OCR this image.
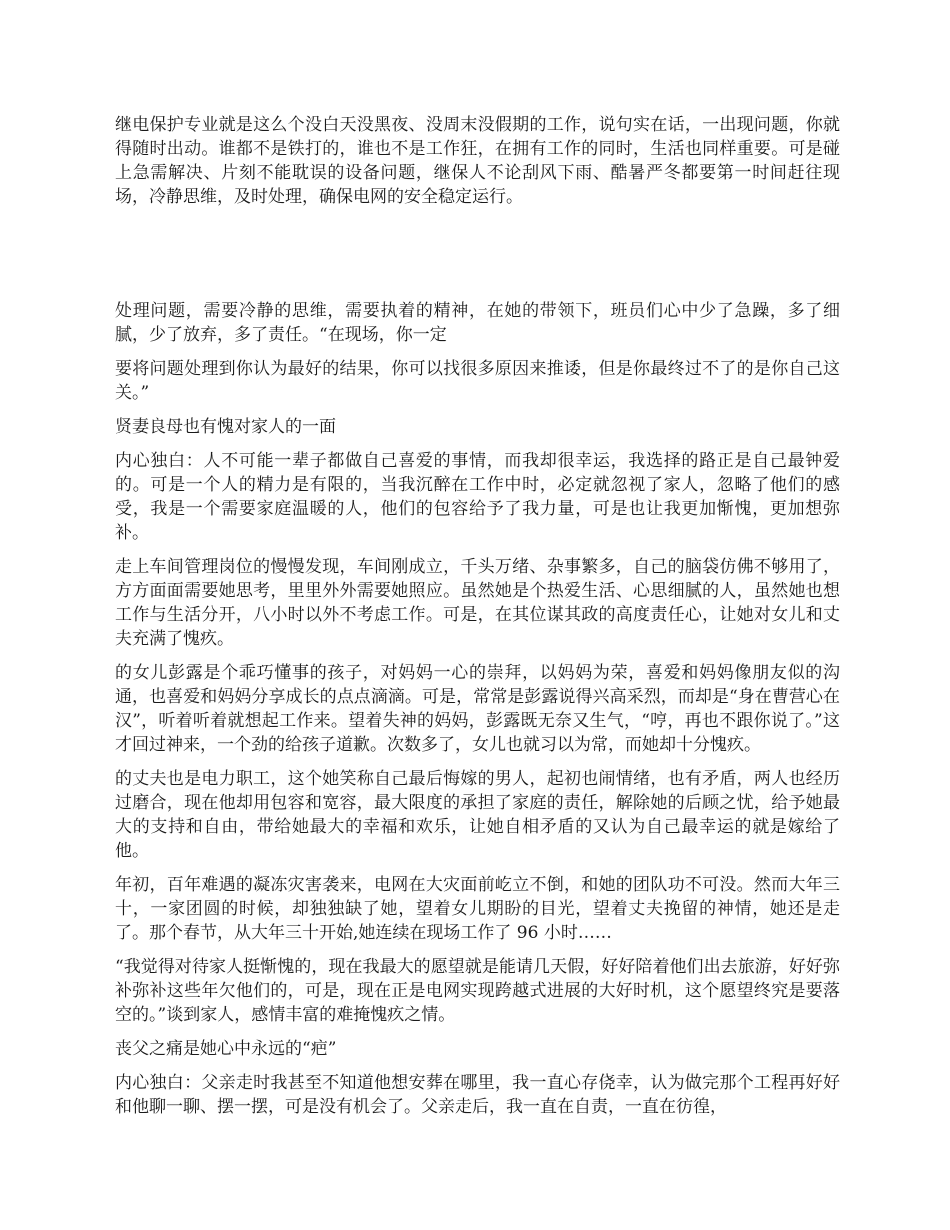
继电保护专业就是这么个没白天没黑夜、没周末没假期的工作，说句实在话，一出现问题，你就得随时出动。谁都不是铁打的，谁也不是工作狂，在拥有工作的同时，生活也同样重要。可是碰上急需解决、片刻不能耽误的设备问题，继保人不论刮风下雨、酷暑严冬都要第一时间赶往现场，冷静思维，及时处理，确保电网的安全稳定运行。

处理问题，需要冷静的思维，需要执着的精神，在她的带领下，班员们心中少了急躁，多了细腻，少了放弃，多了责任。“在现场，你一定

要将问题处理到你认为最好的结果，你可以找很多原因来推诿，但是你最终过不了的是你自己这关。”

贤妻良母也有愧对家人的一面

内心独白：人不可能一辈子都做自己喜爱的事情，而我却很幸运，我选择的路正是自己最钟爱的。可是一个人的精力是有限的，当我沉醉在工作中时，必定就忽视了家人，忽略了他们的感受，我是一个需要家庭温暖的人，他们的包容给予了我力量，可是也让我更加惭愧，更加想弥补。

走上车间管理岗位的慢慢发现，车间刚成立，千头万绪、杂事繁多，自己的脑袋仿佛不够用了，方方面面需要她思考，里里外外需要她照应。虽然她是个热爱生活、心思细腻的人，虽然她也想工作与生活分开，八小时以外不考虑工作。可是，在其位谋其政的高度责任心，让她对女儿和丈夫充满了愧疚。

的女儿彭露是个乖巧懂事的孩子，对妈妈一心的崇拜，以妈妈为荣，喜爱和妈妈像朋友似的沟通，也喜爱和妈妈分享成长的点点滴滴。可是，常常是彭露说得兴高采烈，而却是“身在曹营心在汉”，听着听着就想起工作来。望着失神的妈妈，彭露既无奈又生气，“哼，再也不跟你说了。”这才回过神来，一个劲的给孩子道歉。次数多了，女儿也就习以为常，而她却十分愧疚。

的丈夫也是电力职工，这个她笑称自己最后悔嫁的男人，起初也闹情绪，也有矛盾，两人也经历过磨合，现在他却用包容和宽容，最大限度的承担了家庭的责任，解除她的后顾之忧，给予她最大的支持和自由，带给她最大的幸福和欢乐，让她自相矛盾的又认为自己最幸运的就是嫁给了他。

年初，百年难遇的凝冻灾害袭来，电网在大灾面前屹立不倒，和她的团队功不可没。然而大年三十，一家团圆的时候，却独独缺了她，望着女儿期盼的目光，望着丈夫挽留的神情，她还是走了。那个春节，从大年三十开始,她连续在现场工作了 96 小时……

“我觉得对待家人挺惭愧的，现在我最大的愿望就是能请几天假，好好陪着他们出去旅游，好好弥补弥补这些年欠他们的，可是，现在正是电网实现跨越式进展的大好时机，这个愿望终究是要落空的。”谈到家人，感情丰富的难掩愧疚之情。

丧父之痛是她心中永远的“疤”

内心独白：父亲走时我甚至不知道他想安葬在哪里，我一直心存侥幸，认为做完那个工程再好好和他聊一聊、摆一摆，可是没有机会了。父亲走后，我一直在自责，一直在彷徨，
